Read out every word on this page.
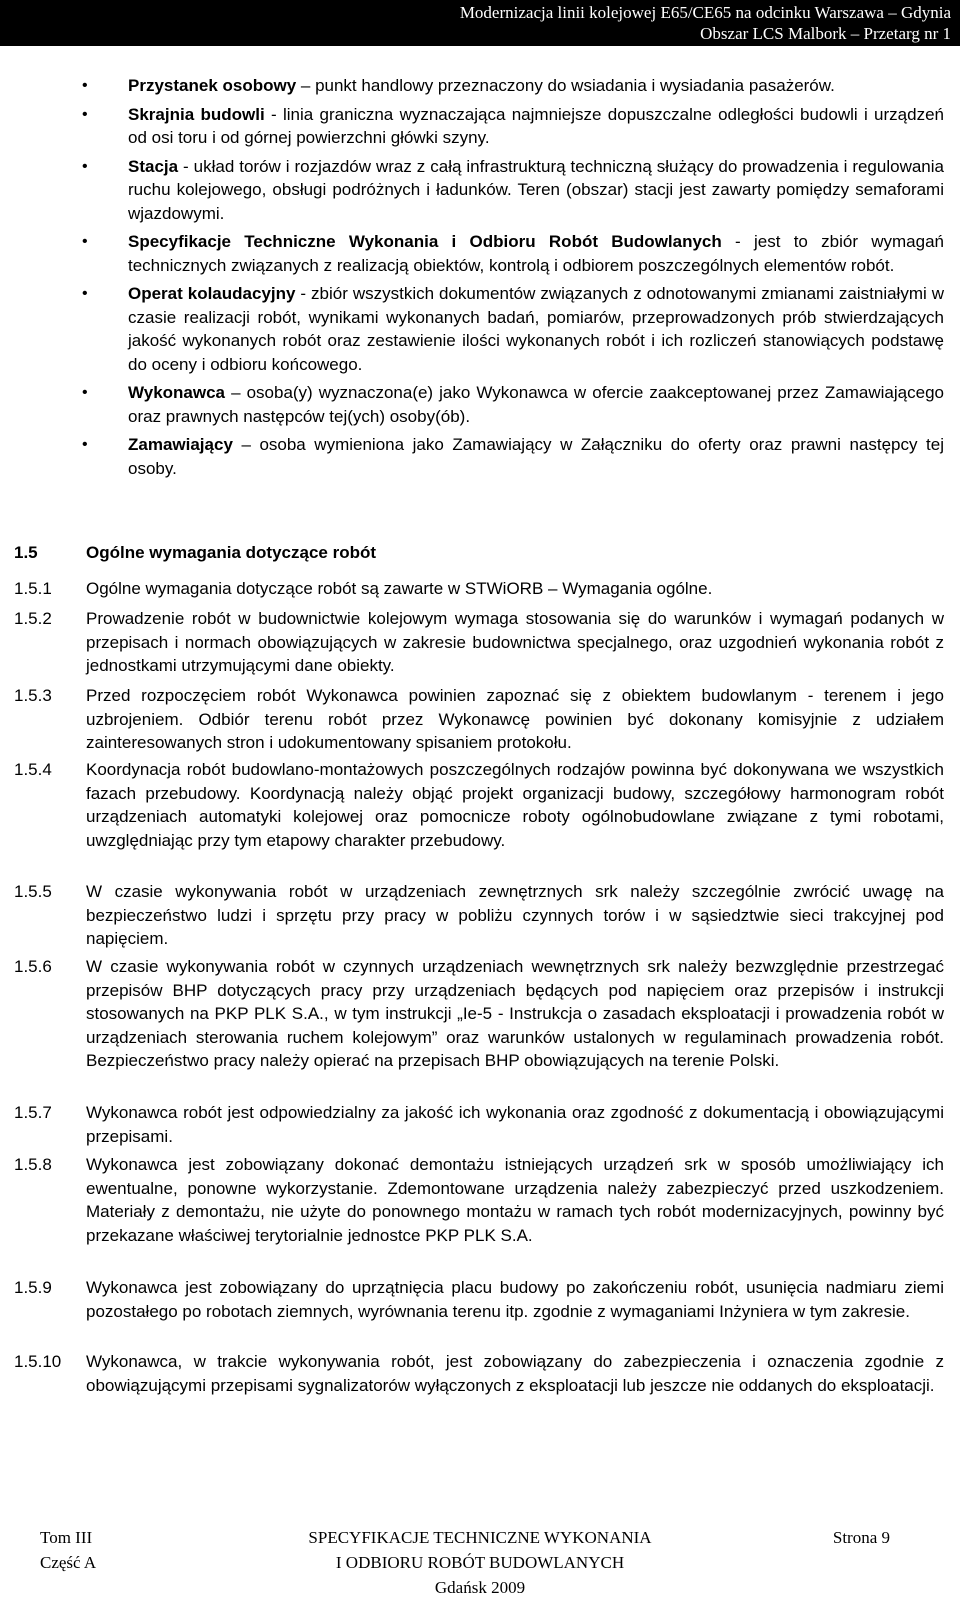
Modernizacja linii kolejowej E65/CE65 na odcinku Warszawa – Gdynia
Obszar LCS Malbork – Przetarg nr 1
• Przystanek osobowy – punkt handlowy przeznaczony do wsiadania i wysiadania pasażerów.
• Skrajnia budowli - linia graniczna wyznaczająca najmniejsze dopuszczalne odległości budowli i urządzeń od osi toru i od górnej powierzchni główki szyny.
• Stacja - układ torów i rozjazdów wraz z całą infrastrukturą techniczną służący do prowadzenia i regulowania ruchu kolejowego, obsługi podróżnych i ładunków. Teren (obszar) stacji jest zawarty pomiędzy semaforami wjazdowymi.
• Specyfikacje Techniczne Wykonania i Odbioru Robót Budowlanych - jest to zbiór wymagań technicznych związanych z realizacją obiektów, kontrolą i odbiorem poszczególnych elementów robót.
• Operat kolaudacyjny - zbiór wszystkich dokumentów związanych z odnotowanymi zmianami zaistniałymi w czasie realizacji robót, wynikami wykonanych badań, pomiarów, przeprowadzonych prób stwierdzających jakość wykonanych robót oraz zestawienie ilości wykonanych robót i ich rozliczeń stanowiących podstawę do oceny i odbioru końcowego.
• Wykonawca – osoba(y) wyznaczona(e) jako Wykonawca w ofercie zaakceptowanej przez Zamawiającego oraz prawnych następców tej(ych) osoby(ób).
• Zamawiający – osoba wymieniona jako Zamawiający w Załączniku do oferty oraz prawni następcy tej osoby.
1.5	Ogólne wymagania dotyczące robót
1.5.1	Ogólne wymagania dotyczące robót są zawarte w STWiORB – Wymagania ogólne.
1.5.2	Prowadzenie robót w budownictwie kolejowym wymaga stosowania się do warunków i wymagań podanych w przepisach i normach obowiązujących w zakresie budownictwa specjalnego, oraz uzgodnień wykonania robót z jednostkami utrzymującymi dane obiekty.
1.5.3	Przed rozpoczęciem robót Wykonawca powinien zapoznać się z obiektem budowlanym - terenem i jego uzbrojeniem. Odbiór terenu robót przez Wykonawcę powinien być dokonany komisyjnie z udziałem zainteresowanych stron i udokumentowany spisaniem protokołu.
1.5.4	Koordynacja robót budowlano-montażowych poszczególnych rodzajów powinna być dokonywana we wszystkich fazach przebudowy. Koordynacją należy objąć projekt organizacji budowy, szczegółowy harmonogram robót urządzeniach automatyki kolejowej oraz pomocnicze roboty ogólnobudowlane związane z tymi robotami, uwzględniając przy tym etapowy charakter przebudowy.
1.5.5	W czasie wykonywania robót w urządzeniach zewnętrznych srk należy szczególnie zwrócić uwagę na bezpieczeństwo ludzi i sprzętu przy pracy w pobliżu czynnych torów i w sąsiedztwie sieci trakcyjnej pod napięciem.
1.5.6	W czasie wykonywania robót w czynnych urządzeniach wewnętrznych srk należy bezwzględnie przestrzegać przepisów BHP dotyczących pracy przy urządzeniach będących pod napięciem oraz przepisów i instrukcji stosowanych na PKP PLK S.A., w tym instrukcji „Ie-5 - Instrukcja o zasadach eksploatacji i prowadzenia robót w urządzeniach sterowania ruchem kolejowym” oraz warunków ustalonych w regulaminach prowadzenia robót. Bezpieczeństwo pracy należy opierać na przepisach BHP obowiązujących na terenie Polski.
1.5.7	Wykonawca robót jest odpowiedzialny za jakość ich wykonania oraz zgodność z dokumentacją i obowiązującymi przepisami.
1.5.8	Wykonawca jest zobowiązany dokonać demontażu istniejących urządzeń srk w sposób umożliwiający ich ewentualne, ponowne wykorzystanie. Zdemontowane urządzenia należy zabezpieczyć przed uszkodzeniem. Materiały z demontażu, nie użyte do ponownego montażu w ramach tych robót modernizacyjnych, powinny być przekazane właściwej terytorialnie jednostce PKP PLK S.A.
1.5.9	Wykonawca jest zobowiązany do uprzątnięcia placu budowy po zakończeniu robót, usunięcia nadmiaru ziemi pozostałego po robotach ziemnych, wyrównania terenu itp. zgodnie z wymaganiami Inżyniera w tym zakresie.
1.5.10	Wykonawca, w trakcie wykonywania robót, jest zobowiązany do zabezpieczenia i oznaczenia zgodnie z obowiązującymi przepisami sygnalizatorów wyłączonych z eksploatacji lub jeszcze nie oddanych do eksploatacji.
Tom III
Część A
SPECYFIKACJE TECHNICZNE WYKONANIA
I ODBIORU ROBÓT BUDOWLANYCH
Gdańsk 2009
Strona 9
